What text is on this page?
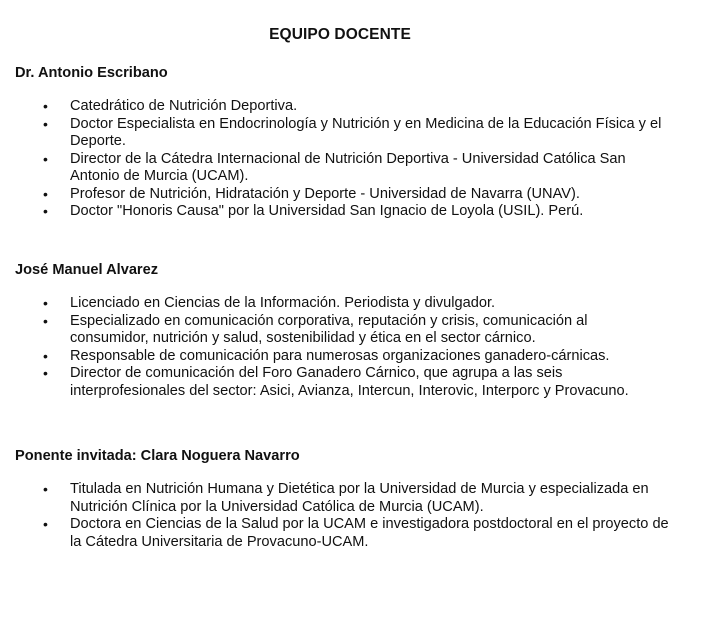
EQUIPO DOCENTE

Dr. Antonio Escribano

• Catedrático de Nutrición Deportiva.
• Doctor Especialista en Endocrinología y Nutrición y en Medicina de la Educación Física y el Deporte.
• Director de la Cátedra Internacional de Nutrición Deportiva - Universidad Católica San Antonio de Murcia (UCAM).
• Profesor de Nutrición, Hidratación y Deporte - Universidad de Navarra (UNAV).
• Doctor "Honoris Causa" por la Universidad San Ignacio de Loyola (USIL). Perú.

José Manuel Alvarez

• Licenciado en Ciencias de la Información. Periodista y divulgador.
• Especializado en comunicación corporativa, reputación y crisis, comunicación al consumidor, nutrición y salud, sostenibilidad y ética en el sector cárnico.
• Responsable de comunicación para numerosas organizaciones ganadero-cárnicas.
• Director de comunicación del Foro Ganadero Cárnico, que agrupa a las seis interprofesionales del sector: Asici, Avianza, Intercun, Interovic, Interporc y Provacuno.

Ponente invitada: Clara Noguera Navarro

• Titulada en Nutrición Humana y Dietética por la Universidad de Murcia y especializada en Nutrición Clínica por la Universidad Católica de Murcia (UCAM).
• Doctora en Ciencias de la Salud por la UCAM e investigadora postdoctoral en el proyecto de la Cátedra Universitaria de Provacuno-UCAM.
